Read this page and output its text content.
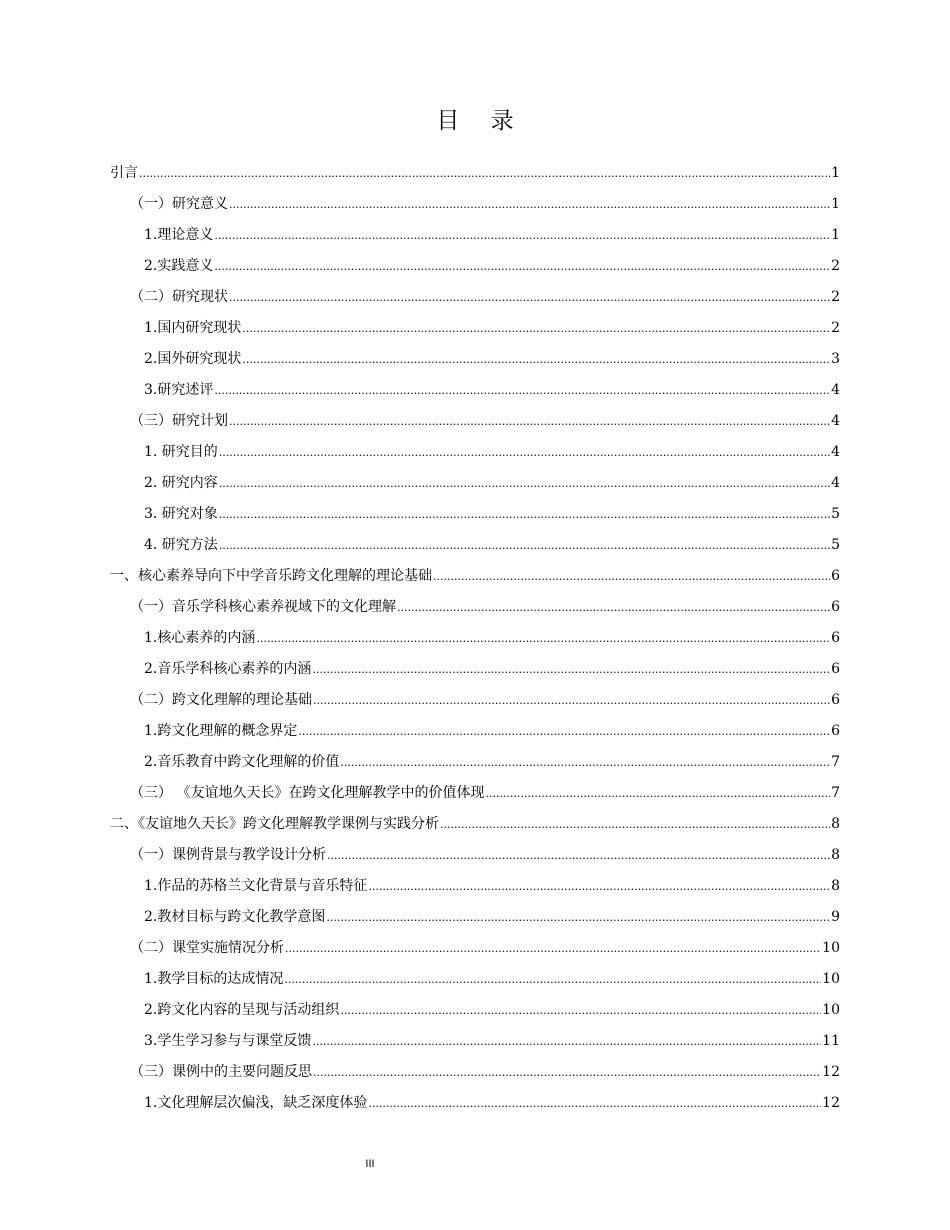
目 录
引言 .....	1
（一）研究意义 .....	1
1.理论意义 .....	1
2.实践意义 .....	2
（二）研究现状 .....	2
1.国内研究现状 .....	2
2.国外研究现状 .....	3
3.研究述评 .....	4
（三）研究计划 .....	4
1. 研究目的 .....	4
2. 研究内容 .....	4
3. 研究对象 .....	5
4. 研究方法 .....	5
一、核心素养导向下中学音乐跨文化理解的理论基础 .....	6
（一）音乐学科核心素养视域下的文化理解 .....	6
1.核心素养的内涵 .....	6
2.音乐学科核心素养的内涵 .....	6
（二）跨文化理解的理论基础 .....	6
1.跨文化理解的概念界定 .....	6
2.音乐教育中跨文化理解的价值 .....	7
（三） 《友谊地久天长》在跨文化理解教学中的价值体现 .....	7
二、《友谊地久天长》跨文化理解教学课例与实践分析 .....	8
（一）课例背景与教学设计分析 .....	8
1.作品的苏格兰文化背景与音乐特征 .....	8
2.教材目标与跨文化教学意图 .....	9
（二）课堂实施情况分析 .....	10
1.教学目标的达成情况 .....	10
2.跨文化内容的呈现与活动组织 .....	10
3.学生学习参与与课堂反馈 .....	11
（三）课例中的主要问题反思 .....	12
1.文化理解层次偏浅，缺乏深度体验 .....	12
III
